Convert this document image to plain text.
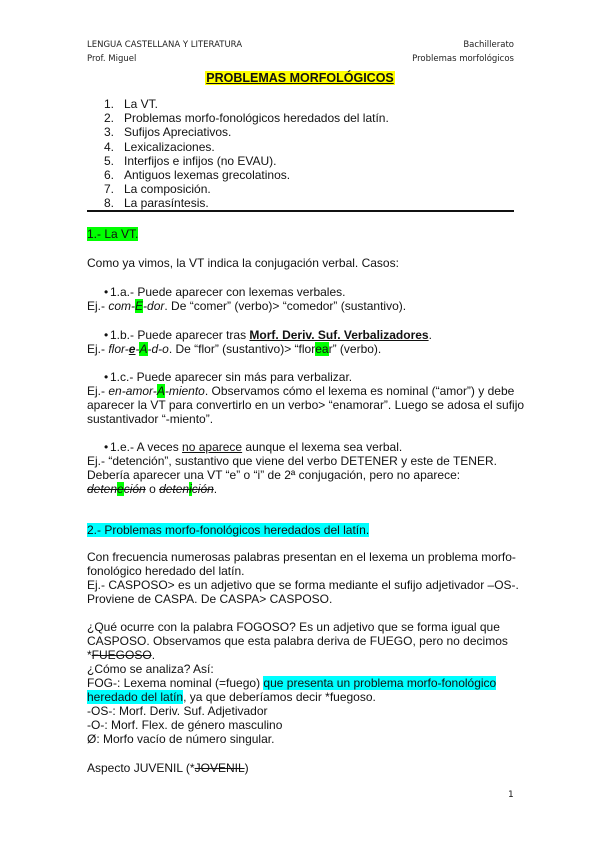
LENGUA CASTELLANA Y LITERATURA
Prof. Miguel
Bachillerato
Problemas morfológicos
PROBLEMAS MORFOLÓGICOS
1. La VT.
2. Problemas morfo-fonológicos heredados del latín.
3. Sufijos Apreciativos.
4. Lexicalizaciones.
5. Interfijos e infijos (no EVAU).
6. Antiguos lexemas grecolatinos.
7. La composición.
8. La parasíntesis.
1.- La VT.
Como ya vimos, la VT indica la conjugación verbal. Casos:
• 1.a.- Puede aparecer con lexemas verbales.
Ej.- com-E-dor. De “comer” (verbo)> “comedor” (sustantivo).
• 1.b.- Puede aparecer tras Morf. Deriv. Suf. Verbalizadores.
Ej.- flor-e-A-d-o. De “flor” (sustantivo)> “florear” (verbo).
• 1.c.- Puede aparecer sin más para verbalizar.
Ej.- en-amor-A-miento. Observamos cómo el lexema es nominal (“amor”) y debe aparecer la VT para convertirlo en un verbo> “enamorar”. Luego se adosa el sufijo sustantivador “-miento”.
• 1.e.- A veces no aparece aunque el lexema sea verbal.
Ej.- “detención”, sustantivo que viene del verbo DETENER y este de TENER. Debería aparecer una VT “e” o “i” de 2ª conjugación, pero no aparece:
deteneción o detenición.
2.- Problemas morfo-fonológicos heredados del latín.
Con frecuencia numerosas palabras presentan en el lexema un problema morfo-fonológico heredado del latín.
Ej.- CASPOSO> es un adjetivo que se forma mediante el sufijo adjetivador –OS-. Proviene de CASPA. De CASPA> CASPOSO.
¿Qué ocurre con la palabra FOGOSO? Es un adjetivo que se forma igual que CASPOSO. Observamos que esta palabra deriva de FUEGO, pero no decimos *FUEGOSO.
¿Cómo se analiza? Así:
FOG-: Lexema nominal (=fuego) que presenta un problema morfo-fonológico heredado del latín, ya que deberíamos decir *fuegoso.
-OS-: Morf. Deriv. Suf. Adjetivador
-O-: Morf. Flex. de género masculino
Ø: Morfo vacío de número singular.
Aspecto JUVENIL (*JOVENIL)
1
